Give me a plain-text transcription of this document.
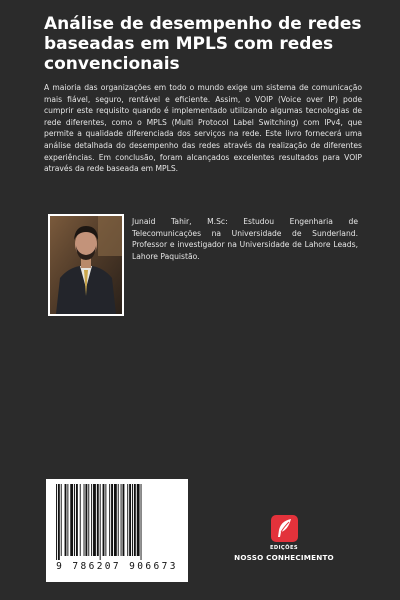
Análise de desempenho de redes baseadas em MPLS com redes convencionais

A maioria das organizações em todo o mundo exige um sistema de comunicação mais fiável, seguro, rentável e eficiente. Assim, o VOIP (Voice over IP) pode cumprir este requisito quando é implementado utilizando algumas tecnologias de rede diferentes, como o MPLS (Multi Protocol Label Switching) com IPv4, que permite a qualidade diferenciada dos serviços na rede. Este livro fornecerá uma análise detalhada do desempenho das redes através da realização de diferentes experiências. Em conclusão, foram alcançados excelentes resultados para VOIP através da rede baseada em MPLS.

Junaid Tahir, M.Sc: Estudou Engenharia de Telecomunicações na Universidade de Sunderland. Professor e investigador na Universidade de Lahore Leads, Lahore Paquistão.

9 786207 906673
EDIÇÕES
NOSSO CONHECIMENTO
